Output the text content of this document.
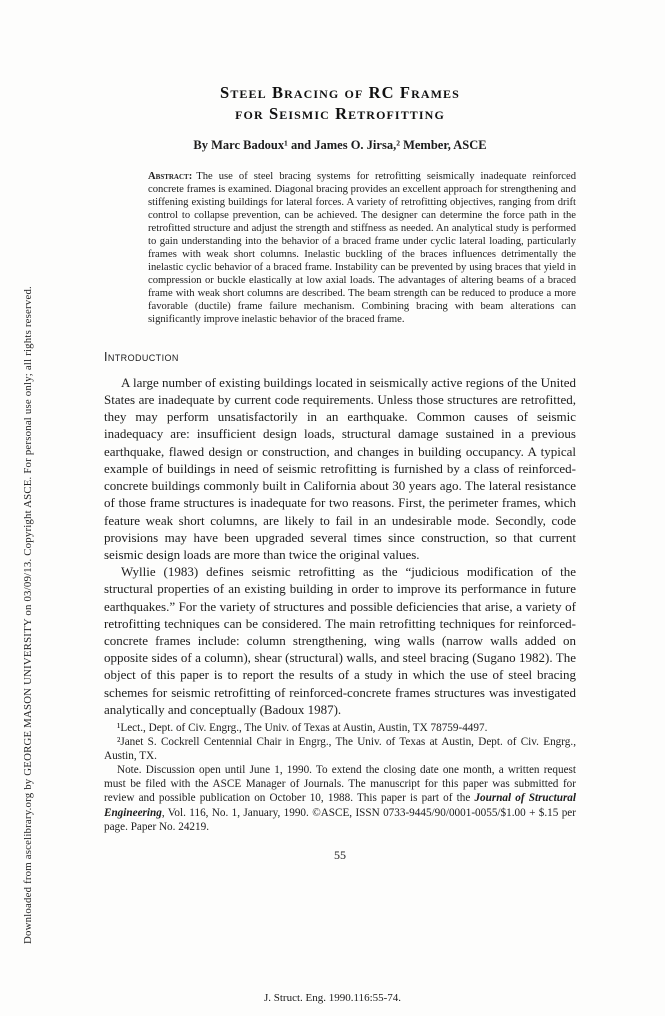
Downloaded from ascelibrary.org by GEORGE MASON UNIVERSITY on 03/09/13. Copyright ASCE. For personal use only; all rights reserved.
Steel Bracing of RC Frames
for Seismic Retrofitting
By Marc Badoux¹ and James O. Jirsa,² Member, ASCE
Abstract: The use of steel bracing systems for retrofitting seismically inadequate reinforced concrete frames is examined. Diagonal bracing provides an excellent approach for strengthening and stiffening existing buildings for lateral forces. A variety of retrofitting objectives, ranging from drift control to collapse prevention, can be achieved. The designer can determine the force path in the retrofitted structure and adjust the strength and stiffness as needed. An analytical study is performed to gain understanding into the behavior of a braced frame under cyclic lateral loading, particularly frames with weak short columns. Inelastic buckling of the braces influences detrimentally the inelastic cyclic behavior of a braced frame. Instability can be prevented by using braces that yield in compression or buckle elastically at low axial loads. The advantages of altering beams of a braced frame with weak short columns are described. The beam strength can be reduced to produce a more favorable (ductile) frame failure mechanism. Combining bracing with beam alterations can significantly improve inelastic behavior of the braced frame.
Introduction

A large number of existing buildings located in seismically active regions of the United States are inadequate by current code requirements. Unless those structures are retrofitted, they may perform unsatisfactorily in an earthquake. Common causes of seismic inadequacy are: insufficient design loads, structural damage sustained in a previous earthquake, flawed design or construction, and changes in building occupancy. A typical example of buildings in need of seismic retrofitting is furnished by a class of reinforced-concrete buildings commonly built in California about 30 years ago. The lateral resistance of those frame structures is inadequate for two reasons. First, the perimeter frames, which feature weak short columns, are likely to fail in an undesirable mode. Secondly, code provisions may have been upgraded several times since construction, so that current seismic design loads are more than twice the original values.

Wyllie (1983) defines seismic retrofitting as the “judicious modification of the structural properties of an existing building in order to improve its performance in future earthquakes.” For the variety of structures and possible deficiencies that arise, a variety of retrofitting techniques can be considered. The main retrofitting techniques for reinforced-concrete frames include: column strengthening, wing walls (narrow walls added on opposite sides of a column), shear (structural) walls, and steel bracing (Sugano 1982). The object of this paper is to report the results of a study in which the use of steel bracing schemes for seismic retrofitting of reinforced-concrete frames structures was investigated analytically and conceptually (Badoux 1987).

¹Lect., Dept. of Civ. Engrg., The Univ. of Texas at Austin, Austin, TX 78759-4497.

²Janet S. Cockrell Centennial Chair in Engrg., The Univ. of Texas at Austin, Dept. of Civ. Engrg., Austin, TX.

Note. Discussion open until June 1, 1990. To extend the closing date one month, a written request must be filed with the ASCE Manager of Journals. The manuscript for this paper was submitted for review and possible publication on October 10, 1988. This paper is part of the Journal of Structural Engineering, Vol. 116, No. 1, January, 1990. ©ASCE, ISSN 0733-9445/90/0001-0055/$1.00 + $.15 per page. Paper No. 24219.

55
J. Struct. Eng. 1990.116:55-74.
